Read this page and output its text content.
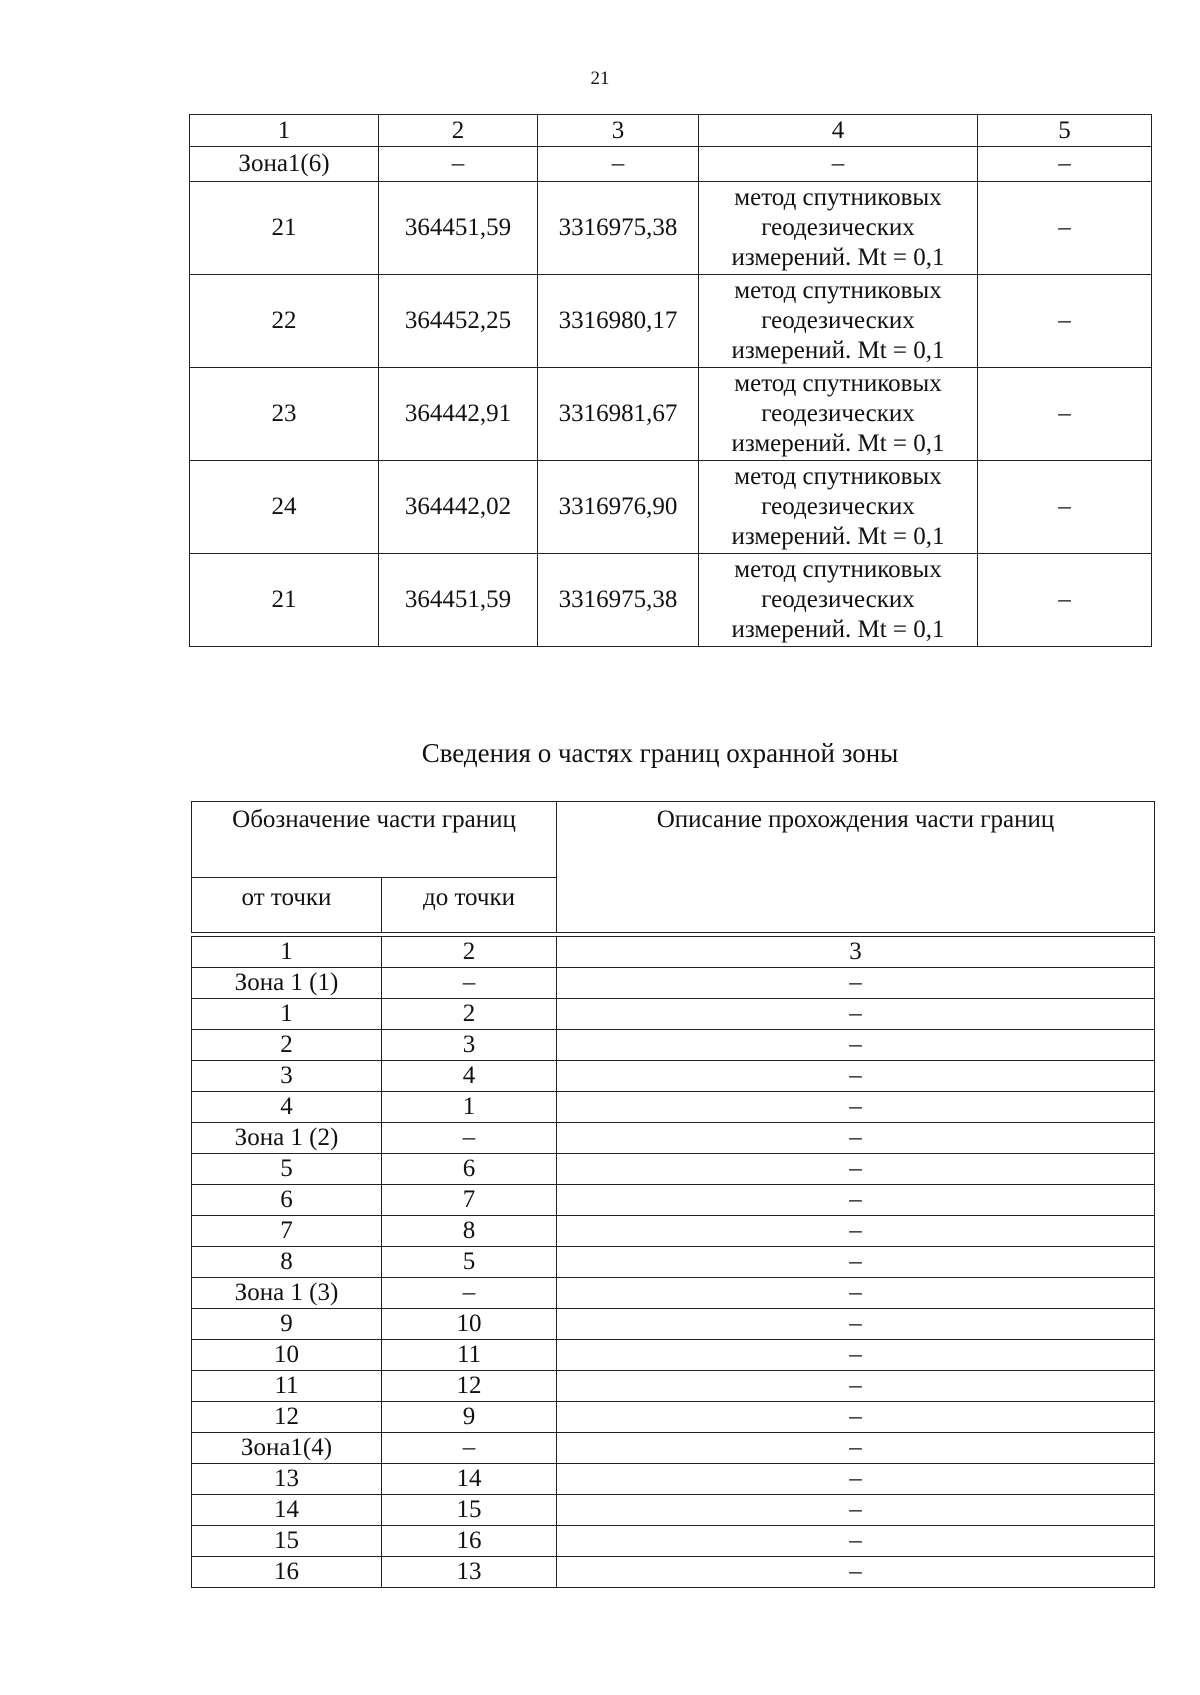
21
1	2	3	4	5
Зона1(6)	–	–	–	–
21	364451,59	3316975,38	метод спутниковых
геодезических
измерений. Mt = 0,1	–
22	364452,25	3316980,17	метод спутниковых
геодезических
измерений. Mt = 0,1	–
23	364442,91	3316981,67	метод спутниковых
геодезических
измерений. Mt = 0,1	–
24	364442,02	3316976,90	метод спутниковых
геодезических
измерений. Mt = 0,1	–
21	364451,59	3316975,38	метод спутниковых
геодезических
измерений. Mt = 0,1	–
Сведения о частях границ охранной зоны
Обозначение части границ		Описание прохождения части границ
от точки	до точки	

1	2	3
Зона 1 (1)	–	–
1	2	–
2	3	–
3	4	–
4	1	–
Зона 1 (2)	–	–
5	6	–
6	7	–
7	8	–
8	5	–
Зона 1 (3)	–	–
9	10	–
10	11	–
11	12	–
12	9	–
Зона1(4)	–	–
13	14	–
14	15	–
15	16	–
16	13	–
